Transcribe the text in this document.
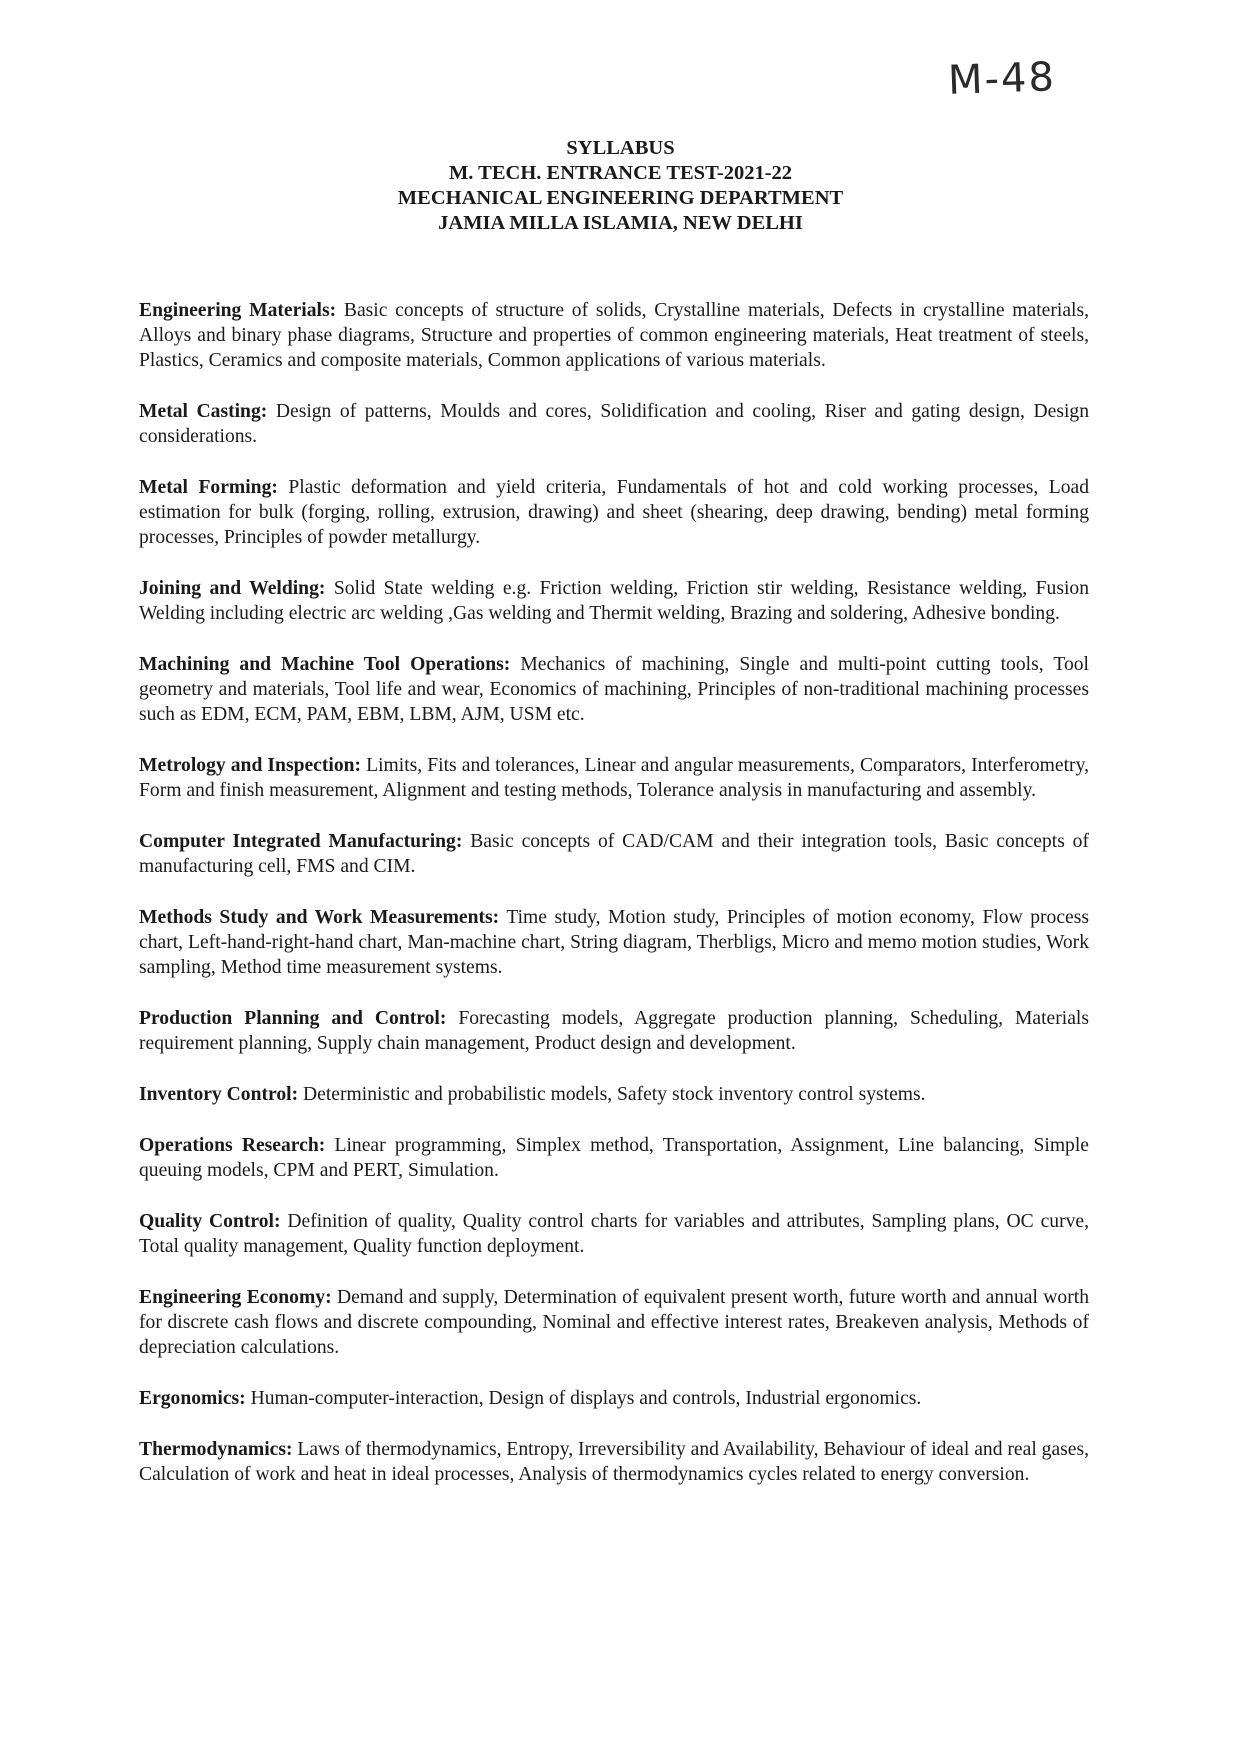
M-48
SYLLABUS
M. TECH. ENTRANCE TEST-2021-22
MECHANICAL ENGINEERING DEPARTMENT
JAMIA MILLA ISLAMIA, NEW DELHI

Engineering Materials: Basic concepts of structure of solids, Crystalline materials, Defects in crystalline materials, Alloys and binary phase diagrams, Structure and properties of common engineering materials, Heat treatment of steels, Plastics, Ceramics and composite materials, Common applications of various materials.

Metal Casting: Design of patterns, Moulds and cores, Solidification and cooling, Riser and gating design, Design considerations.

Metal Forming: Plastic deformation and yield criteria, Fundamentals of hot and cold working processes, Load estimation for bulk (forging, rolling, extrusion, drawing) and sheet (shearing, deep drawing, bending) metal forming processes, Principles of powder metallurgy.

Joining and Welding: Solid State welding e.g. Friction welding, Friction stir welding, Resistance welding, Fusion Welding including electric arc welding ,Gas welding and Thermit welding, Brazing and soldering, Adhesive bonding.

Machining and Machine Tool Operations: Mechanics of machining, Single and multi-point cutting tools, Tool geometry and materials, Tool life and wear, Economics of machining, Principles of non-traditional machining processes such as EDM, ECM, PAM, EBM, LBM, AJM, USM etc.

Metrology and Inspection: Limits, Fits and tolerances, Linear and angular measurements, Comparators, Interferometry, Form and finish measurement, Alignment and testing methods, Tolerance analysis in manufacturing and assembly.

Computer Integrated Manufacturing: Basic concepts of CAD/CAM and their integration tools, Basic concepts of manufacturing cell, FMS and CIM.

Methods Study and Work Measurements: Time study, Motion study, Principles of motion economy, Flow process chart, Left-hand-right-hand chart, Man-machine chart, String diagram, Therbligs, Micro and memo motion studies, Work sampling, Method time measurement systems.

Production Planning and Control: Forecasting models, Aggregate production planning, Scheduling, Materials requirement planning, Supply chain management, Product design and development.

Inventory Control: Deterministic and probabilistic models, Safety stock inventory control systems.

Operations Research: Linear programming, Simplex method, Transportation, Assignment, Line balancing, Simple queuing models, CPM and PERT, Simulation.

Quality Control: Definition of quality, Quality control charts for variables and attributes, Sampling plans, OC curve, Total quality management, Quality function deployment.

Engineering Economy: Demand and supply, Determination of equivalent present worth, future worth and annual worth for discrete cash flows and discrete compounding, Nominal and effective interest rates, Breakeven analysis, Methods of depreciation calculations.

Ergonomics: Human-computer-interaction, Design of displays and controls, Industrial ergonomics.

Thermodynamics: Laws of thermodynamics, Entropy, Irreversibility and Availability, Behaviour of ideal and real gases, Calculation of work and heat in ideal processes, Analysis of thermodynamics cycles related to energy conversion.
